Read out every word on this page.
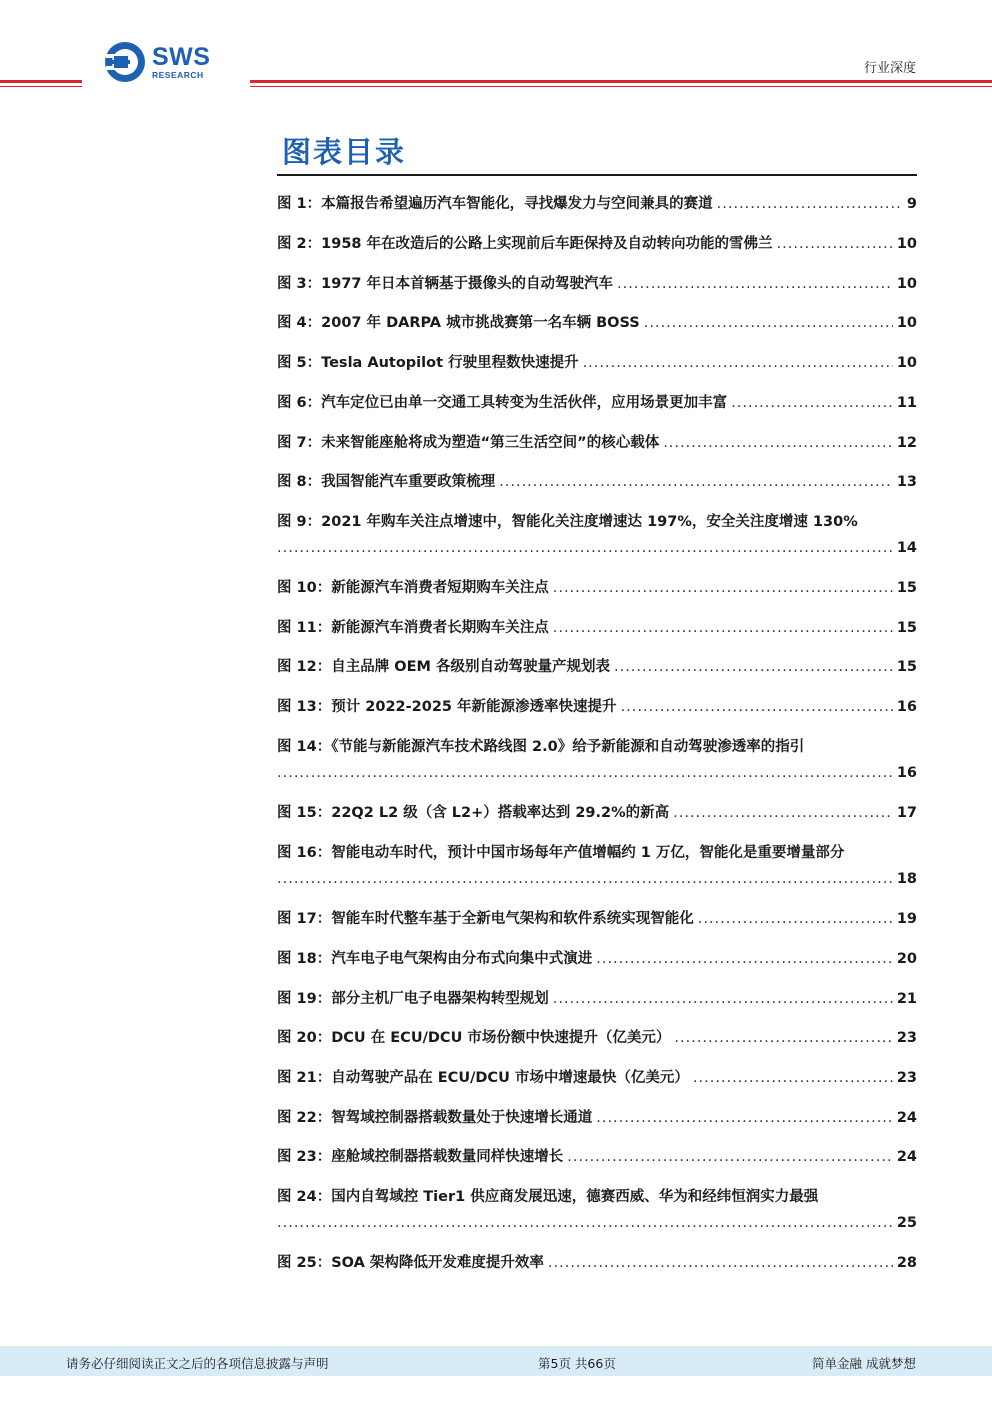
SWS
RESEARCH	行业深度
图表目录
图 1：本篇报告希望遍历汽车智能化，寻找爆发力与空间兼具的赛道 .....	9
图 2：1958 年在改造后的公路上实现前后车距保持及自动转向功能的雪佛兰 .....	10
图 3：1977 年日本首辆基于摄像头的自动驾驶汽车 .....	10
图 4：2007 年 DARPA 城市挑战赛第一名车辆 BOSS .....	10
图 5：Tesla Autopilot 行驶里程数快速提升 .....	10
图 6：汽车定位已由单一交通工具转变为生活伙伴，应用场景更加丰富 .....	11
图 7：未来智能座舱将成为塑造“第三生活空间”的核心载体 .....	12
图 8：我国智能汽车重要政策梳理 .....	13
图 9：2021 年购车关注点增速中，智能化关注度增速达 197%，安全关注度增速 130%
.....
14
图 10：新能源汽车消费者短期购车关注点 .....	15
图 11：新能源汽车消费者长期购车关注点 .....	15
图 12：自主品牌 OEM 各级别自动驾驶量产规划表 .....	15
图 13：预计 2022-2025 年新能源渗透率快速提升 .....	16
图 14：《节能与新能源汽车技术路线图 2.0》给予新能源和自动驾驶渗透率的指引
.....
16
图 15：22Q2 L2 级（含 L2+）搭载率达到 29.2%的新高 .....	17
图 16：智能电动车时代，预计中国市场每年产值增幅约 1 万亿，智能化是重要增量部分
.....
18
图 17：智能车时代整车基于全新电气架构和软件系统实现智能化 .....	19
图 18：汽车电子电气架构由分布式向集中式演进 .....	20
图 19：部分主机厂电子电器架构转型规划 .....	21
图 20：DCU 在 ECU/DCU 市场份额中快速提升（亿美元） .....	23
图 21：自动驾驶产品在 ECU/DCU 市场中增速最快（亿美元） .....	23
图 22：智驾域控制器搭载数量处于快速增长通道 .....	24
图 23：座舱域控制器搭载数量同样快速增长 .....	24
图 24：国内自驾域控 Tier1 供应商发展迅速，德赛西威、华为和经纬恒润实力最强
.....
25
图 25：SOA 架构降低开发难度提升效率 .....	28
请务必仔细阅读正文之后的各项信息披露与声明	第5页 共66页	简单金融 成就梦想
